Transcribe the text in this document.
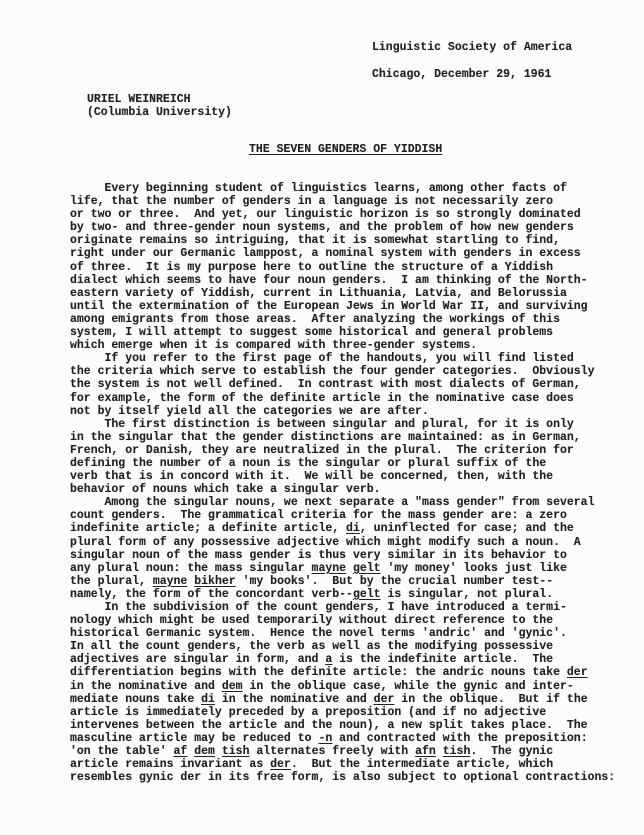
Linguistic Society of America
Chicago, December 29, 1961
URIEL WEINREICH
(Columbia University)
THE SEVEN GENDERS OF YIDDISH
Every beginning student of linguistics learns, among other facts of
life, that the number of genders in a language is not necessarily zero
or two or three.  And yet, our linguistic horizon is so strongly dominated
by two- and three-gender noun systems, and the problem of how new genders
originate remains so intriguing, that it is somewhat startling to find,
right under our Germanic lamppost, a nominal system with genders in excess
of three.  It is my purpose here to outline the structure of a Yiddish
dialect which seems to have four noun genders.  I am thinking of the North-
eastern variety of Yiddish, current in Lithuania, Latvia, and Belorussia
until the extermination of the European Jews in World War II, and surviving
among emigrants from those areas.  After analyzing the workings of this
system, I will attempt to suggest some historical and general problems
which emerge when it is compared with three-gender systems.
If you refer to the first page of the handouts, you will find listed
the criteria which serve to establish the four gender categories.  Obviously
the system is not well defined.  In contrast with most dialects of German,
for example, the form of the definite article in the nominative case does
not by itself yield all the categories we are after.
The first distinction is between singular and plural, for it is only
in the singular that the gender distinctions are maintained: as in German,
French, or Danish, they are neutralized in the plural.  The criterion for
defining the number of a noun is the singular or plural suffix of the
verb that is in concord with it.  We will be concerned, then, with the
behavior of nouns which take a singular verb.
Among the singular nouns, we next separate a "mass gender" from several
count genders.  The grammatical criteria for the mass gender are: a zero
indefinite article; a definite article, di, uninflected for case; and the
plural form of any possessive adjective which might modify such a noun.  A
singular noun of the mass gender is thus very similar in its behavior to
any plural noun: the mass singular mayne gelt 'my money' looks just like
the plural, mayne bikher 'my books'.  But by the crucial number test--
namely, the form of the concordant verb--gelt is singular, not plural.
In the subdivision of the count genders, I have introduced a termi-
nology which might be used temporarily without direct reference to the
historical Germanic system.  Hence the novel terms 'andric' and 'gynic'.
In all the count genders, the verb as well as the modifying possessive
adjectives are singular in form, and a is the indefinite article.  The
differentiation begins with the definite article: the andric nouns take der
in the nominative and dem in the oblique case, while the gynic and inter-
mediate nouns take di in the nominative and der in the oblique.  But if the
article is immediately preceded by a preposition (and if no adjective
intervenes between the article and the noun), a new split takes place.  The
masculine article may be reduced to -n and contracted with the preposition:
'on the table' af dem tish alternates freely with afn tish.  The gynic
article remains invariant as der.  But the intermediate article, which
resembles gynic der in its free form, is also subject to optional contractions:
